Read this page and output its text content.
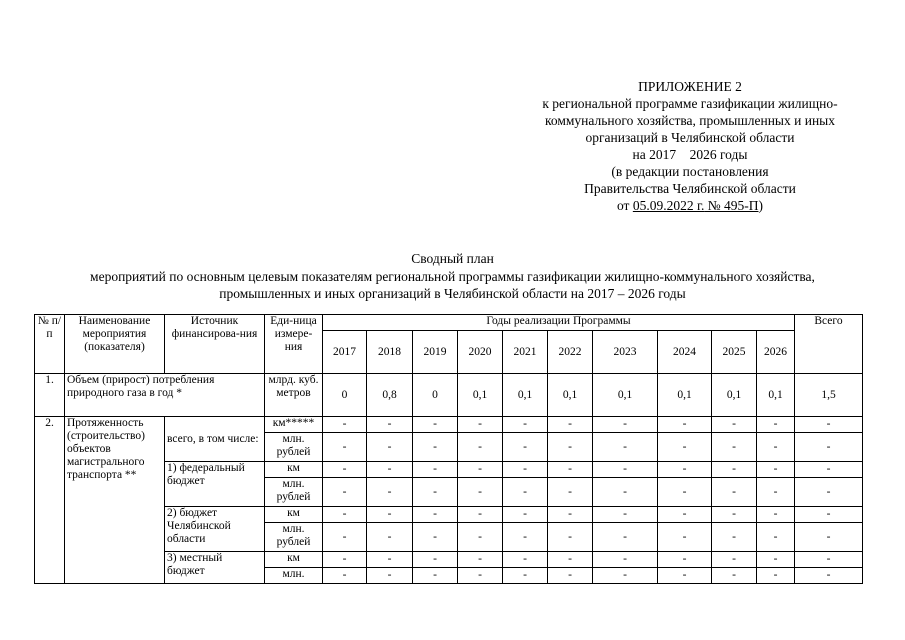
ПРИЛОЖЕНИЕ 2
к региональной программе газификации жилищно-
коммунального хозяйства, промышленных и иных
организаций в Челябинской области
на 2017    2026 годы
(в редакции постановления
Правительства Челябинской области
от 05.09.2022 г. № 495-П)
Сводный план
мероприятий по основным целевым показателям региональной программы газификации жилищно-коммунального хозяйства,
промышленных и иных организаций в Челябинской области на 2017 – 2026 годы
№ п/п	Наименование мероприятия (показателя)	Источник финансирова-ния	Еди-ница измере-ния	Годы реализации Программы										Всего
				2017	2018	2019	2020	2021	2022	2023	2024	2025	2026	
1.	Объем (прирост) потребления природного газа в год *		млрд. куб. метров	0	0,8	0	0,1	0,1	0,1	0,1	0,1	0,1	0,1	1,5
2.	Протяженность (строительство) объектов магистрального транспорта **	всего, в том числе:	км*****	-	-	-	-	-	-	-	-	-	-	-
			млн. рублей	-	-	-	-	-	-	-	-	-	-	-
		1) федеральный бюджет	км	-	-	-	-	-	-	-	-	-	-	-
			млн. рублей	-	-	-	-	-	-	-	-	-	-	-
		2) бюджет Челябинской области	км	-	-	-	-	-	-	-	-	-	-	-
			млн. рублей	-	-	-	-	-	-	-	-	-	-	-
		3) местный бюджет	км	-	-	-	-	-	-	-	-	-	-	-
			млн.	-	-	-	-	-	-	-	-	-	-	-
